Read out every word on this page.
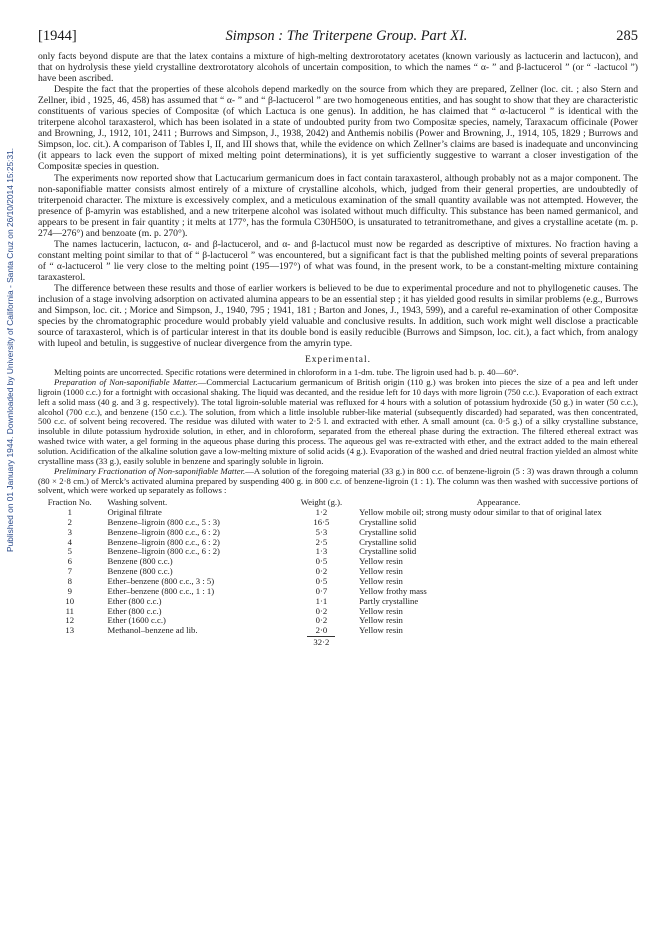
Published on 01 January 1944. Downloaded by University of California - Santa Cruz on 26/10/2014 15:25:31.
[1944]	Simpson : The Triterpene Group. Part XI.	285

only facts beyond dispute are that the latex contains a mixture of high-melting dextrorotatory acetates (known variously as lactucerin and lactucon), and that on hydrolysis these yield crystalline dextrorotatory alcohols of uncertain composition, to which the names “ α- ” and β-lactucerol ” (or “ -lactucol ”) have been ascribed.

Despite the fact that the properties of these alcohols depend markedly on the source from which they are prepared, Zellner (loc. cit. ; also Stern and Zellner, ibid , 1925, 46, 458) has assumed that “ α- ” and “ β-lactucerol ” are two homogeneous entities, and has sought to show that they are characteristic constituents of various species of Compositæ (of which Lactuca is one genus). In addition, he has claimed that “ α-lactucerol ” is identical with the triterpene alcohol taraxasterol, which has been isolated in a state of undoubted purity from two Compositæ species, namely, Taraxacum officinale (Power and Browning, J., 1912, 101, 2411 ; Burrows and Simpson, J., 1938, 2042) and Anthemis nobilis (Power and Browning, J., 1914, 105, 1829 ; Burrows and Simpson, loc. cit.). A comparison of Tables I, II, and III shows that, while the evidence on which Zellner’s claims are based is inadequate and unconvincing (it appears to lack even the support of mixed melting point determinations), it is yet sufficiently suggestive to warrant a closer investigation of the Compositæ species in question.

The experiments now reported show that Lactucarium germanicum does in fact contain taraxasterol, although probably not as a major component. The non-saponifiable matter consists almost entirely of a mixture of crystalline alcohols, which, judged from their general properties, are undoubtedly of triterpenoid character. The mixture is excessively complex, and a meticulous examination of the small quantity available was not attempted. However, the presence of β-amyrin was established, and a new triterpene alcohol was isolated without much difficulty. This substance has been named germanicol, and appears to be present in fair quantity ; it melts at 177°, has the formula C30H50O, is unsaturated to tetranitromethane, and gives a crystalline acetate (m. p. 274—276°) and benzoate (m. p. 270°).

The names lactucerin, lactucon, α- and β-lactucerol, and α- and β-lactucol must now be regarded as descriptive of mixtures. No fraction having a constant melting point similar to that of “ β-lactucerol ” was encountered, but a significant fact is that the published melting points of several preparations of “ α-lactucerol ” lie very close to the melting point (195—197°) of what was found, in the present work, to be a constant-melting mixture containing taraxasterol.

The difference between these results and those of earlier workers is believed to be due to experimental procedure and not to phyllogenetic causes. The inclusion of a stage involving adsorption on activated alumina appears to be an essential step ; it has yielded good results in similar problems (e.g., Burrows and Simpson, loc. cit. ; Morice and Simpson, J., 1940, 795 ; 1941, 181 ; Barton and Jones, J., 1943, 599), and a careful re-examination of other Compositæ species by the chromatographic procedure would probably yield valuable and conclusive results. In addition, such work might well disclose a practicable source of taraxasterol, which is of particular interest in that its double bond is easily reducible (Burrows and Simpson, loc. cit.), a fact which, from analogy with lupeol and betulin, is suggestive of nuclear divergence from the amyrin type.

Experimental.

Melting points are uncorrected. Specific rotations were determined in chloroform in a 1-dm. tube. The ligroin used had b. p. 40—60°.

Preparation of Non-saponifiable Matter.—Commercial Lactucarium germanicum of British origin (110 g.) was broken into pieces the size of a pea and left under ligroin (1000 c.c.) for a fortnight with occasional shaking. The liquid was decanted, and the residue left for 10 days with more ligroin (750 c.c.). Evaporation of each extract left a solid mass (40 g. and 3 g. respectively). The total ligroin-soluble material was refluxed for 4 hours with a solution of potassium hydroxide (50 g.) in water (50 c.c.), alcohol (700 c.c.), and benzene (150 c.c.). The solution, from which a little insoluble rubber-like material (subsequently discarded) had separated, was then concentrated, 500 c.c. of solvent being recovered. The residue was diluted with water to 2·5 l. and extracted with ether. A small amount (ca. 0·5 g.) of a silky crystalline substance, insoluble in dilute potassium hydroxide solution, in ether, and in chloroform, separated from the ethereal phase during the extraction. The filtered ethereal extract was washed twice with water, a gel forming in the aqueous phase during this process. The aqueous gel was re-extracted with ether, and the extract added to the main ethereal solution. Acidification of the alkaline solution gave a low-melting mixture of solid acids (4 g.). Evaporation of the washed and dried neutral fraction yielded an almost white crystalline mass (33 g.), easily soluble in benzene and sparingly soluble in ligroin.

Preliminary Fractionation of Non-saponifiable Matter.—A solution of the foregoing material (33 g.) in 800 c.c. of benzene-ligroin (5 : 3) was drawn through a column (80 × 2·8 cm.) of Merck’s activated alumina prepared by suspending 400 g. in 800 c.c. of benzene-ligroin (1 : 1). The column was then washed with successive portions of solvent, which were worked up separately as follows :

Fraction No.	Washing solvent.	Weight (g.).	Appearance.
1	Original filtrate	1·2	Yellow mobile oil; strong musty odour similar to that of original latex
2	Benzene–ligroin (800 c.c., 5 : 3)	16·5	Crystalline solid
3	Benzene–ligroin (800 c.c., 6 : 2)	5·3	Crystalline solid
4	Benzene–ligroin (800 c.c., 6 : 2)	2·5	Crystalline solid
5	Benzene–ligroin (800 c.c., 6 : 2)	1·3	Crystalline solid
6	Benzene (800 c.c.)	0·5	Yellow resin
7	Benzene (800 c.c.)	0·2	Yellow resin
8	Ether–benzene (800 c.c., 3 : 5)	0·5	Yellow resin
9	Ether–benzene (800 c.c., 1 : 1)	0·7	Yellow frothy mass
10	Ether (800 c.c.)	1·1	Partly crystalline
11	Ether (800 c.c.)	0·2	Yellow resin
12	Ether (1600 c.c.)	0·2	Yellow resin
13	Methanol–benzene ad lib.	2·0	Yellow resin
		32·2	
